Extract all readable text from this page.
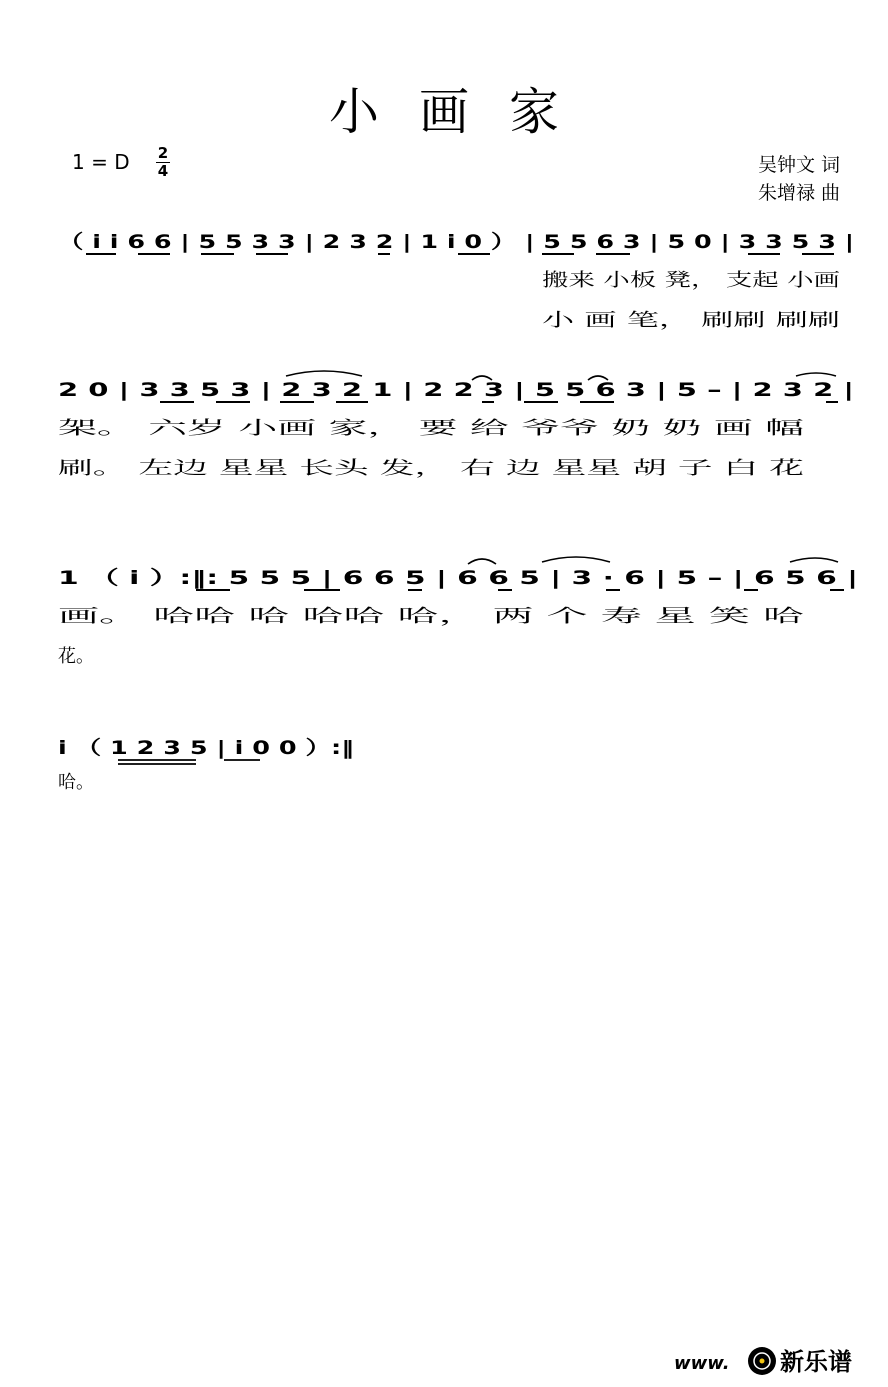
小画家
1 = D 2
4	吴钟文 词
朱增禄 曲
（ i i 6 6 | 5 5 3 3 | 2 3 2 | 1 i 0 ） | 5 5 6 3 | 5 0 | 3 3 5 3 |
搬来 小板 凳， 支起 小画
小 画 笔， 刷刷 刷刷
2 0 | 3 3 5 3 | 2 3 2 1 | 2 2 3 | 5 5 6 3 | 5 – | 2 3 2 |
架。 六岁 小画 家， 要 给 爷爷 奶 奶 画 幅
刷。 左边 星星 长头 发， 右 边 星星 胡 子 白 花
1 （ i ）:‖: 5 5 5 | 6 6 5 | 6 6 5 | 3 · 6 | 5 – | 6 5 6 |
画。 哈哈 哈 哈哈 哈， 两 个 寿 星 笑 哈
花。
i （ 1 2 3 5 | i 0 0 ）:‖
哈。
www. 新乐谱
